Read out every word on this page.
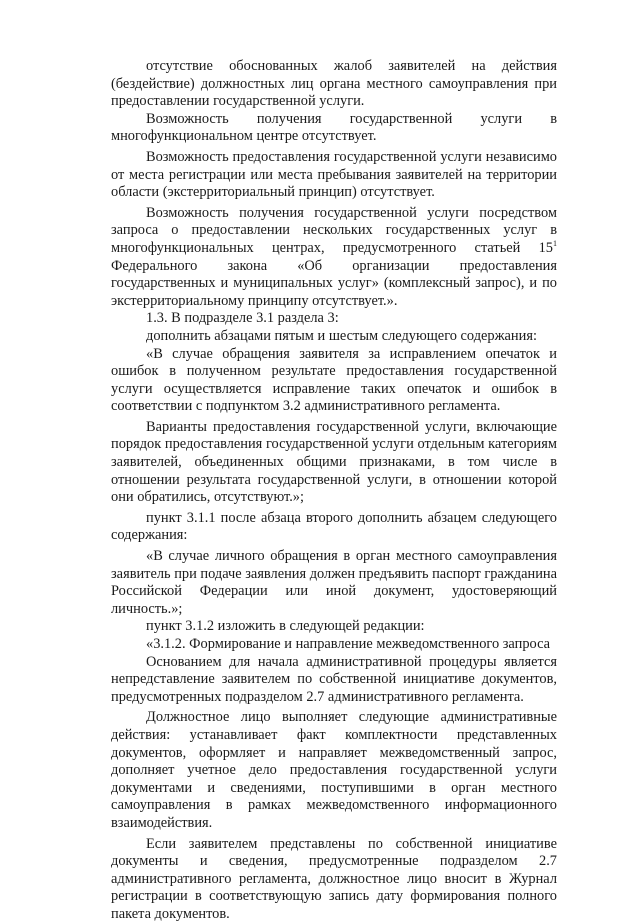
отсутствие обоснованных жалоб заявителей на действия (бездействие) должностных лиц органа местного самоуправления при предоставлении государственной услуги.

Возможность получения государственной услуги в многофункциональном центре отсутствует.

Возможность предоставления государственной услуги независимо от места регистрации или места пребывания заявителей на территории области (экстерриториальный принцип) отсутствует.

Возможность получения государственной услуги посредством запроса о предоставлении нескольких государственных услуг в многофункциональных центрах, предусмотренного статьей $15^1$ Федерального закона «Об организации предоставления государственных и муниципальных услуг» (комплексный запрос), и по экстерриториальному принципу отсутствует.».

1.3. В подразделе 3.1 раздела 3:

дополнить абзацами пятым и шестым следующего содержания:

«В случае обращения заявителя за исправлением опечаток и ошибок в полученном результате предоставления государственной услуги осуществляется исправление таких опечаток и ошибок в соответствии с подпунктом 3.2 административного регламента.

Варианты предоставления государственной услуги, включающие порядок предоставления государственной услуги отдельным категориям заявителей, объединенных общими признаками, в том числе в отношении результата государственной услуги, в отношении которой они обратились, отсутствуют.»;

пункт 3.1.1 после абзаца второго дополнить абзацем следующего содержания:

«В случае личного обращения в орган местного самоуправления заявитель при подаче заявления должен предъявить паспорт гражданина Российской Федерации или иной документ, удостоверяющий личность.»;

пункт 3.1.2 изложить в следующей редакции:

«3.1.2. Формирование и направление межведомственного запроса

Основанием для начала административной процедуры является непредставление заявителем по собственной инициативе документов, предусмотренных подразделом 2.7 административного регламента.

Должностное лицо выполняет следующие административные действия: устанавливает факт комплектности представленных документов, оформляет и направляет межведомственный запрос, дополняет учетное дело предоставления государственной услуги документами и сведениями, поступившими в орган местного самоуправления в рамках межведомственного информационного взаимодействия.

Если заявителем представлены по собственной инициативе документы и сведения, предусмотренные подразделом 2.7 административного регламента, должностное лицо вносит в Журнал регистрации в соответствующую запись дату формирования полного пакета документов.
